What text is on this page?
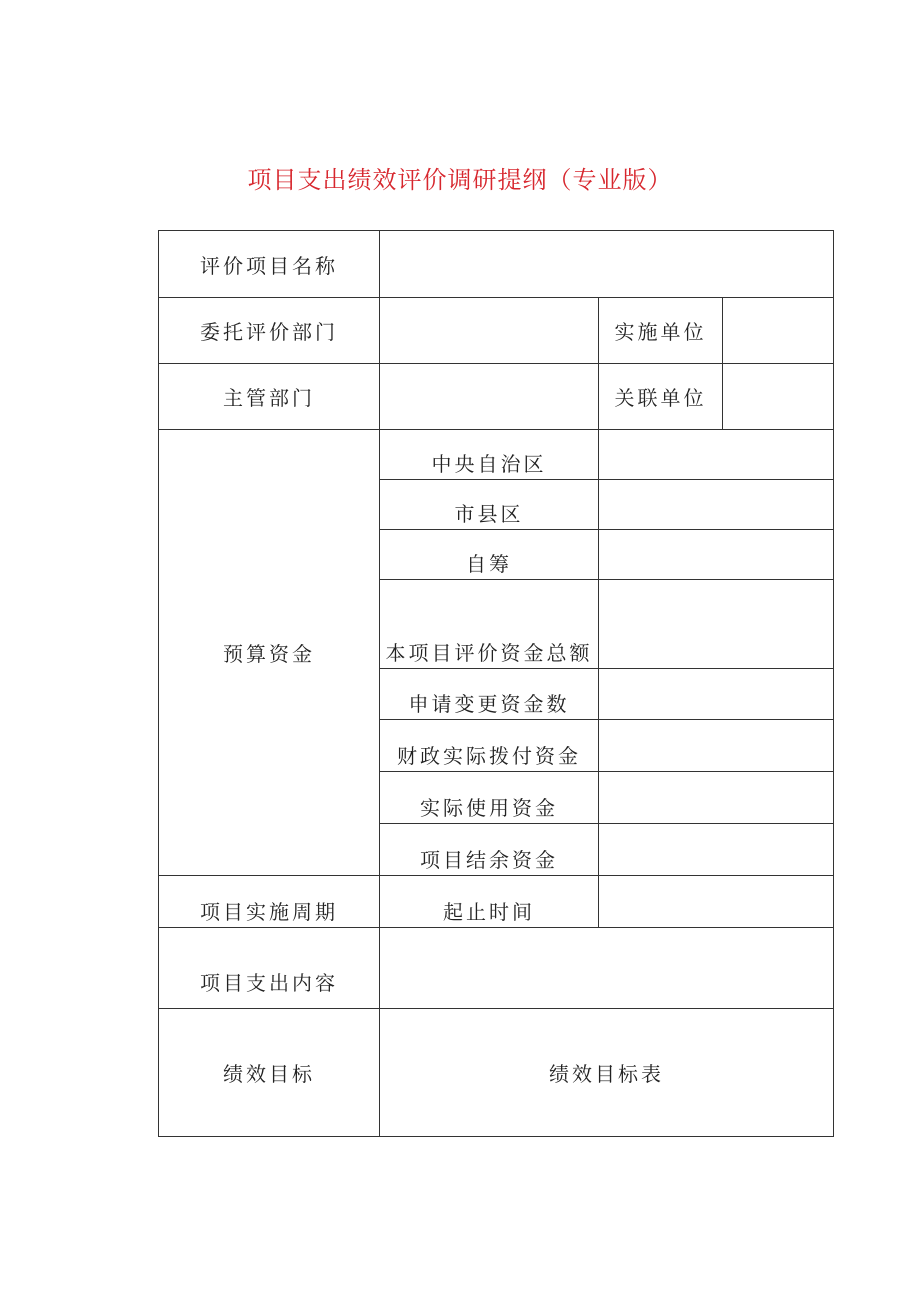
项目支出绩效评价调研提纲（专业版）
评价项目名称			
委托评价部门		实施单位	
主管部门		关联单位	
预算资金	中央自治区		
	市县区		
	自筹		
	本项目评价资金总额		
	申请变更资金数		
	财政实际拨付资金		
	实际使用资金		
	项目结余资金		
项目实施周期	起止时间		
项目支出内容			
绩效目标	绩效目标表		
